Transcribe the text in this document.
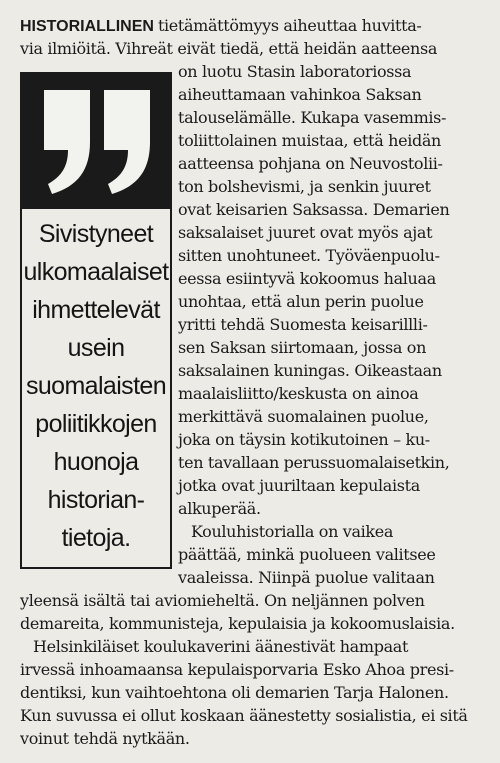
HISTORIALLINEN tietämättömyys aiheuttaa huvitta-

via ilmiöitä. Vihreät eivät tiedä, että heidän aatteensa

on luotu Stasin laboratoriossa

aiheuttamaan vahinkoa Saksan

talouselämälle. Kukapa vasemmis-

toliittolainen muistaa, että heidän

aatteensa pohjana on Neuvostolii-

ton bolshevismi, ja senkin juuret

ovat keisarien Saksassa. Demarien

saksalaiset juuret ovat myös ajat

sitten unohtuneet. Työväenpuolu-

eessa esiintyvä kokoomus haluaa

unohtaa, että alun perin puolue

yritti tehdä Suomesta keisarillli-

sen Saksan siirtomaan, jossa on

saksalainen kuningas. Oikeastaan

maalaisliitto/keskusta on ainoa

merkittävä suomalainen puolue,

joka on täysin kotikutoinen – ku-

ten tavallaan perussuomalaisetkin,

jotka ovat juuriltaan kepulaista

alkuperää.

Kouluhistorialla on vaikea

päättää, minkä puolueen valitsee

vaaleissa. Niinpä puolue valitaan

yleensä isältä tai aviomieheltä. On neljännen polven

demareita, kommunisteja, kepulaisia ja kokoomuslaisia.

Helsinkiläiset koulukaverini äänestivät hampaat

irvessä inhoamaansa kepulaisporvaria Esko Ahoa presi-

dentiksi, kun vaihtoehtona oli demarien Tarja Halonen.

Kun suvussa ei ollut koskaan äänestetty sosialistia, ei sitä

voinut tehdä nytkään.

Sivistyneet

ulkomaalaiset

ihmettelevät

usein

suomalaisten

poliitikkojen

huonoja

historian-

tietoja.
